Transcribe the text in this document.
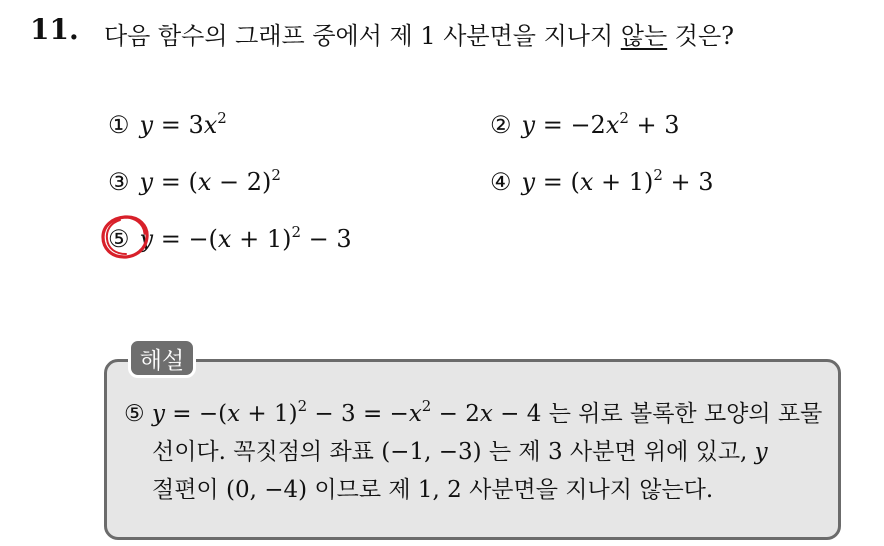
11. 다음 함수의 그래프 중에서 제 1 사분면을 지나지 않는 것은?
① $y = 3x^2$	② $y = -2x^2 + 3$
③ $y = (x - 2)^2$	④ $y = (x + 1)^2 + 3$
⑤ $y = -(x + 1)^2 - 3$
해설
⑤ $y = -(x + 1)^2 - 3 = -x^2 - 2x - 4$ 는 위로 볼록한 모양의 포물
선이다. 꼭짓점의 좌표 (−1, −3) 는 제 3 사분면 위에 있고, y
절편이 (0, −4) 이므로 제 1, 2 사분면을 지나지 않는다.
